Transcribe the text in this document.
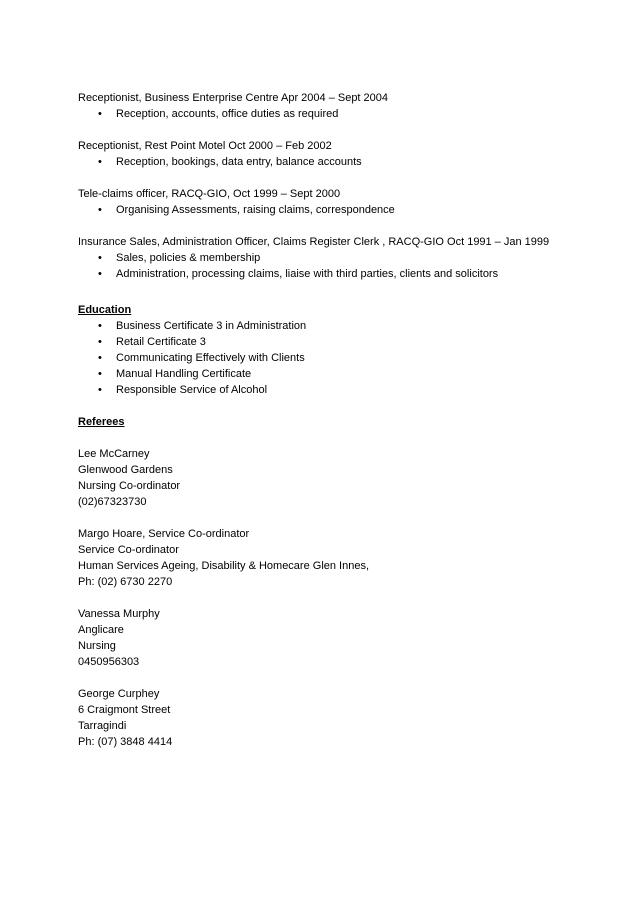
Receptionist, Business Enterprise Centre Apr 2004 – Sept 2004
• Reception, accounts, office duties as required
Receptionist, Rest Point Motel Oct 2000 – Feb 2002
• Reception, bookings, data entry, balance accounts
Tele-claims officer, RACQ-GIO, Oct 1999 – Sept 2000
• Organising Assessments, raising claims, correspondence
Insurance Sales, Administration Officer, Claims Register Clerk , RACQ-GIO Oct 1991 – Jan 1999
• Sales, policies & membership
• Administration, processing claims, liaise with third parties, clients and solicitors
Education
• Business Certificate 3 in Administration
• Retail Certificate 3
• Communicating Effectively with Clients
• Manual Handling Certificate
• Responsible Service of Alcohol
Referees
Lee McCarney
Glenwood Gardens
Nursing Co-ordinator
(02)67323730
Margo Hoare, Service Co-ordinator
Service Co-ordinator
Human Services Ageing, Disability & Homecare Glen Innes,
Ph: (02) 6730 2270
Vanessa Murphy
Anglicare
Nursing
0450956303
George Curphey
6 Craigmont Street
Tarragindi
Ph: (07) 3848 4414
